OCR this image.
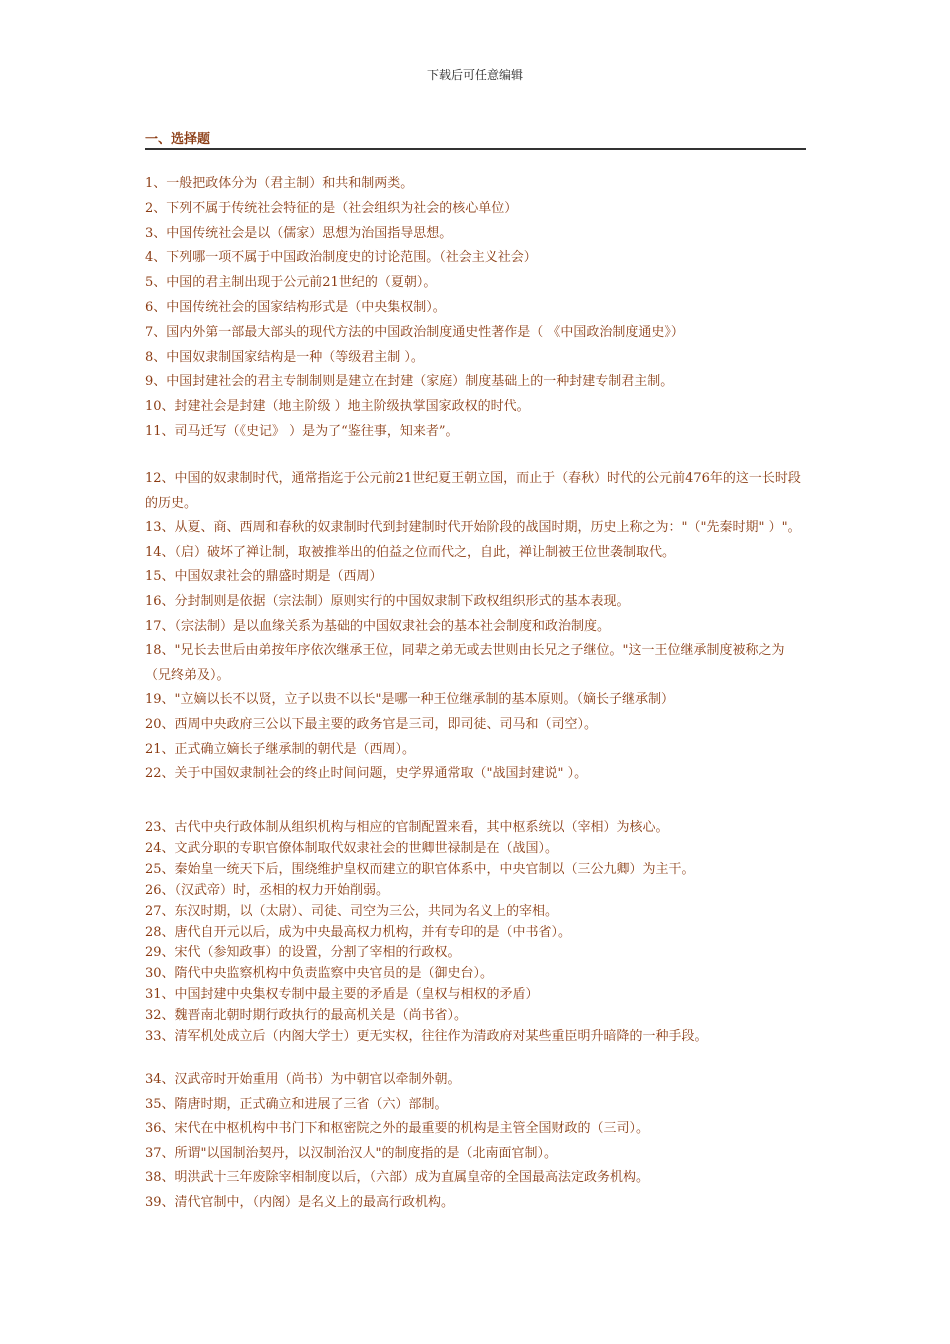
下载后可任意编辑
一、选择题
1、一般把政体分为（君主制）和共和制两类。
2、下列不属于传统社会特征的是（社会组织为社会的核心单位）
3、中国传统社会是以（儒家）思想为治国指导思想。
4、下列哪一项不属于中国政治制度史的讨论范围。（社会主义社会）
5、中国的君主制出现于公元前21世纪的（夏朝）。
6、中国传统社会的国家结构形式是（中央集权制）。
7、国内外第一部最大部头的现代方法的中国政治制度通史性著作是（ 《中国政治制度通史》）
8、中国奴隶制国家结构是一种（等级君主制 ）。
9、中国封建社会的君主专制制则是建立在封建（家庭）制度基础上的一种封建专制君主制。
10、封建社会是封建（地主阶级 ）地主阶级执掌国家政权的时代。
11、司马迁写（《史记》 ）是为了“鉴往事，知来者”。
12、中国的奴隶制时代，通常指迄于公元前21世纪夏王朝立国，而止于（春秋）时代的公元前476年的这一长时段的历史。
13、从夏、商、西周和春秋的奴隶制时代到封建制时代开始阶段的战国时期，历史上称之为："（"先秦时期" ）"。
14、（启）破坏了禅让制，取被推举出的伯益之位而代之，自此，禅让制被王位世袭制取代。
15、中国奴隶社会的鼎盛时期是（西周）
16、分封制则是依据（宗法制）原则实行的中国奴隶制下政权组织形式的基本表现。
17、（宗法制）是以血缘关系为基础的中国奴隶社会的基本社会制度和政治制度。
18、"兄长去世后由弟按年序依次继承王位，同辈之弟无或去世则由长兄之子继位。"这一王位继承制度被称之为（兄终弟及）。
19、"立嫡以长不以贤，立子以贵不以长"是哪一种王位继承制的基本原则。（嫡长子继承制）
20、西周中央政府三公以下最主要的政务官是三司，即司徒、司马和（司空）。
21、正式确立嫡长子继承制的朝代是（西周）。
22、关于中国奴隶制社会的终止时间问题，史学界通常取（"战国封建说" ）。
23、古代中央行政体制从组织机构与相应的官制配置来看，其中枢系统以（宰相）为核心。
24、文武分职的专职官僚体制取代奴隶社会的世卿世禄制是在（战国）。
25、秦始皇一统天下后，围绕维护皇权而建立的职官体系中，中央官制以（三公九卿）为主干。
26、（汉武帝）时，丞相的权力开始削弱。
27、东汉时期，以（太尉）、司徒、司空为三公，共同为名义上的宰相。
28、唐代自开元以后，成为中央最高权力机构，并有专印的是（中书省）。
29、宋代（参知政事）的设置，分割了宰相的行政权。
30、隋代中央监察机构中负责监察中央官员的是（御史台）。
31、中国封建中央集权专制中最主要的矛盾是（皇权与相权的矛盾）
32、魏晋南北朝时期行政执行的最高机关是（尚书省）。
33、清军机处成立后（内阁大学士）更无实权，往往作为清政府对某些重臣明升暗降的一种手段。
34、汉武帝时开始重用（尚书）为中朝官以牵制外朝。
35、隋唐时期，正式确立和进展了三省（六）部制。
36、宋代在中枢机构中书门下和枢密院之外的最重要的机构是主管全国财政的（三司）。
37、所谓"以国制治契丹，以汉制治汉人"的制度指的是（北南面官制）。
38、明洪武十三年废除宰相制度以后，（六部）成为直属皇帝的全国最高法定政务机构。
39、清代官制中，（内阁）是名义上的最高行政机构。
